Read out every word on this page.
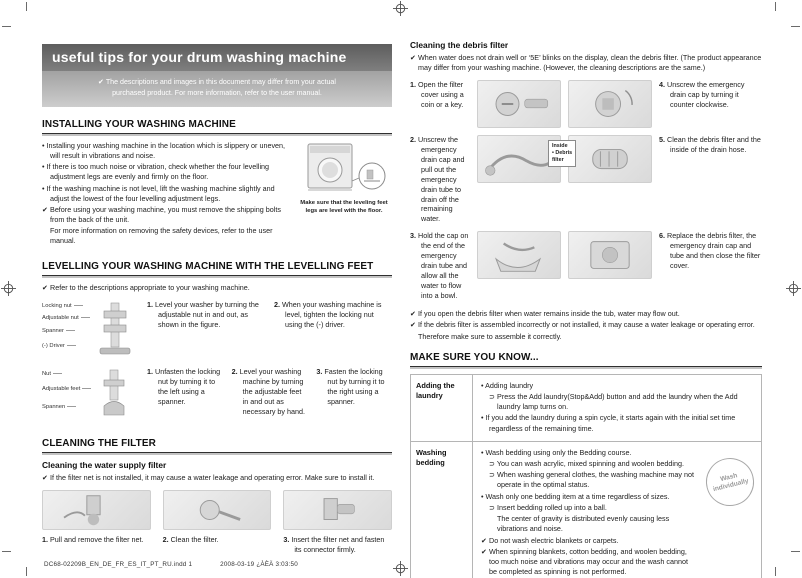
useful tips for your drum washing machine
✔ The descriptions and images in this document may differ from your actual
purchased product. For more information, refer to the user manual.
INSTALLING YOUR WASHING MACHINE
• Installing your washing machine in the location which is slippery or uneven, will result in vibrations and noise.
• If there is too much noise or vibration, check whether the four levelling adjustment legs are evenly and firmly on the floor.
• If the washing machine is not level, lift the washing machine slightly and adjust the lowest of the four levelling adjustment legs.
✔ Before using your washing machine, you must remove the shipping bolts from the back of the unit.
For more information on removing the safety devices, refer to the user manual.
Make sure that the leveling feet legs are level with the floor.
LEVELLING YOUR WASHING MACHINE WITH THE LEVELLING FEET
✔ Refer to the descriptions appropriate to your washing machine.
Locking nut
Adjustable nut
Spanner
(-) Driver
1. Level your washer by turning the adjustable nut in and out, as shown in the figure.
2. When your washing machine is level, tighten the locking nut using the (-) driver.
Nut
Adjustable feet
Spannen
1. Unfasten the locking nut by turning it to the left using a spanner.
2. Level your washing machine by turning the adjustable feet in and out as necessary by hand.
3. Fasten the locking nut by turning it to the right using a spanner.
CLEANING THE FILTER
Cleaning the water supply filter
✔ If the filter net is not installed, it may cause a water leakage and operating error. Make sure to install it.
1. Pull and remove the filter net.	2. Clean the filter.	3. Insert the filter net and fasten its connector firmly.
Cleaning the debris filter
✔ When water does not drain well or ‘5E’ blinks on the display, clean the debris filter. (The product appearance may differ from your washing machine. (However, the cleaning descriptions are the same.)
1. Open the filter cover using a coin or a key.
4. Unscrew the emergency drain cap by turning it counter clockwise.
2. Unscrew the emergency drain cap and pull out the emergency drain tube to drain off the remaining water.
Inside
• Debris
filter
5. Clean the debris filter and the inside of the drain hose.
3. Hold the cap on the end of the emergency drain tube and allow all the water to flow into a bowl.
6. Replace the debris filter, the emergency drain cap and tube and then close the filter cover.
✔ If you open the debris filter when water remains inside the tub, water may flow out.
✔ If the debris filter is assembled incorrectly or not installed, it may cause a water leakage or operating error.
Therefore make sure to assemble it correctly.
MAKE SURE YOU KNOW...
Adding the laundry	• Adding laundry
⊃ Press the Add laundry(Stop&Add) button and add the laundry when the Add laundry lamp turns on.
• If you add the laundry during a spin cycle, it starts again with the initial set time regardless of the remaining time.

Washing bedding	
• Wash bedding using only the Bedding course.
⊃ You can wash acrylic, mixed spinning and woolen bedding.
⊃ When washing general clothes, the washing machine may not operate in the optimal status.
• Wash only one bedding item at a time regardless of sizes.
⊃ Insert bedding rolled up into a ball.
The center of gravity is distributed evenly causing less vibrations and noise.
✔ Do not wash electric blankets or carpets.
✔ When spinning blankets, cotton bedding, and woolen bedding, too much noise and vibrations may occur and the wash cannot be completed as spinning is not performed.
Wash individually
DC68-02209B_EN_DE_FR_ES_IT_PT_RU.indd 1	2008-03-19 ¿ÀÈÄ 3:03:50
